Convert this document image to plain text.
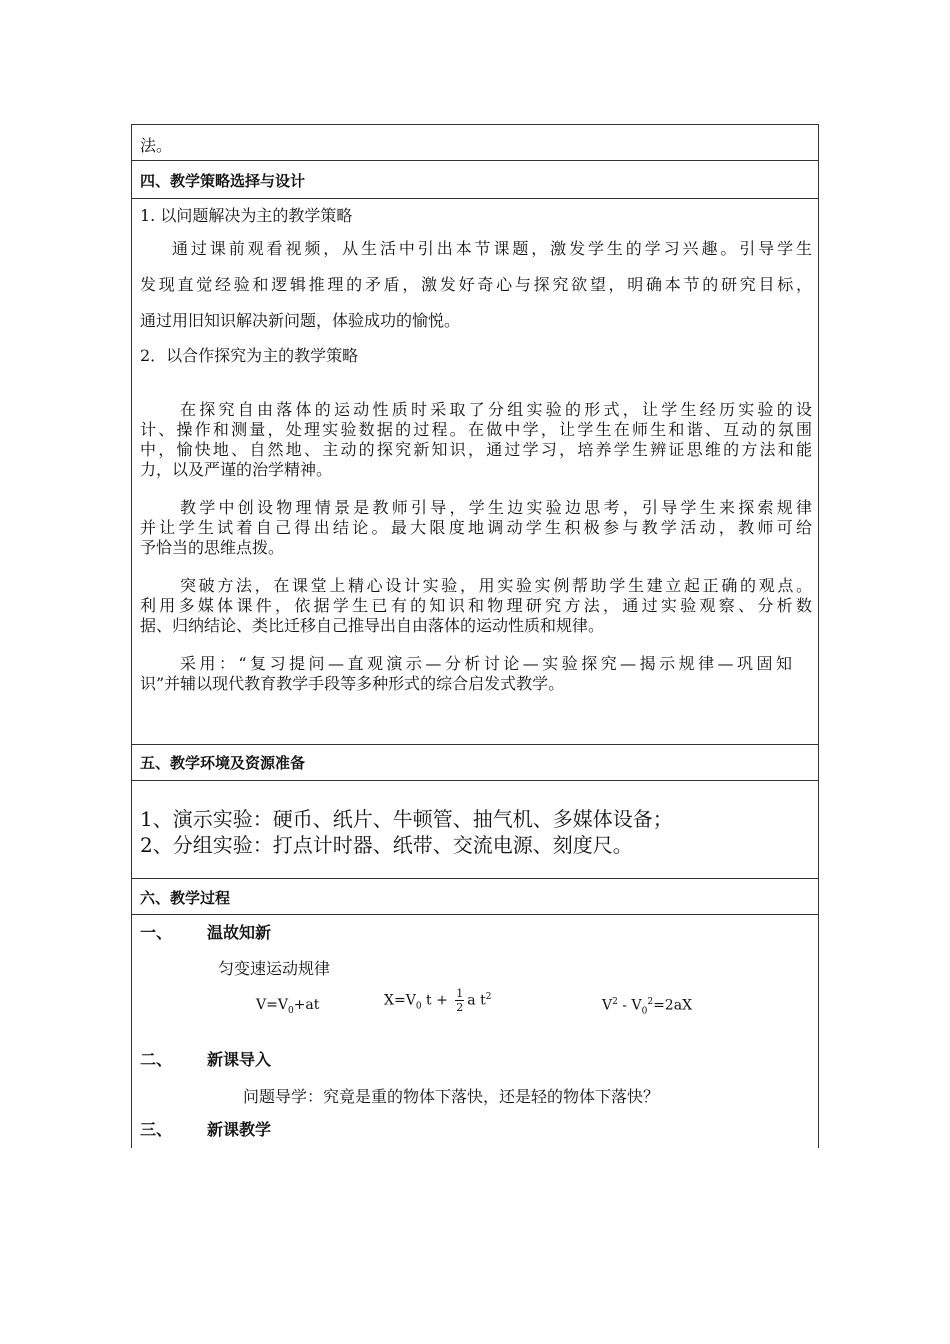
法。
四、教学策略选择与设计
1. 以问题解决为主的教学策略
通过课前观看视频，从生活中引出本节课题，激发学生的学习兴趣。引导学生
发现直觉经验和逻辑推理的矛盾，激发好奇心与探究欲望，明确本节的研究目标，
通过用旧知识解决新问题，体验成功的愉悦。
2．以合作探究为主的教学策略
在探究自由落体的运动性质时采取了分组实验的形式，让学生经历实验的设
计、操作和测量，处理实验数据的过程。在做中学，让学生在师生和谐、互动的氛围
中，愉快地、自然地、主动的探究新知识，通过学习，培养学生辨证思维的方法和能
力，以及严谨的治学精神。
教学中创设物理情景是教师引导，学生边实验边思考，引导学生来探索规律
并让学生试着自己得出结论。最大限度地调动学生积极参与教学活动，教师可给
予恰当的思维点拨。
突破方法，在课堂上精心设计实验，用实验实例帮助学生建立起正确的观点。
利用多媒体课件，依据学生已有的知识和物理研究方法，通过实验观察、分析数
据、归纳结论、类比迁移自己推导出自由落体的运动性质和规律。
采用：“复习提问—直观演示—分析讨论—实验探究—揭示规律—巩固知
识”并辅以现代教育教学手段等多种形式的综合启发式教学。
五、教学环境及资源准备
1、演示实验：硬币、纸片、牛顿管、抽气机、多媒体设备；
2、分组实验：打点计时器、纸带、交流电源、刻度尺。
六、教学过程
一、 温故知新
匀变速运动规律
$V=V_0+at$	$X=V_0$ $t + \frac{1}{2}$ a $t^2$
$V^2 - V_0^2=2aX$
二、 新课导入
问题导学：究竟是重的物体下落快，还是轻的物体下落快？
三、 新课教学
